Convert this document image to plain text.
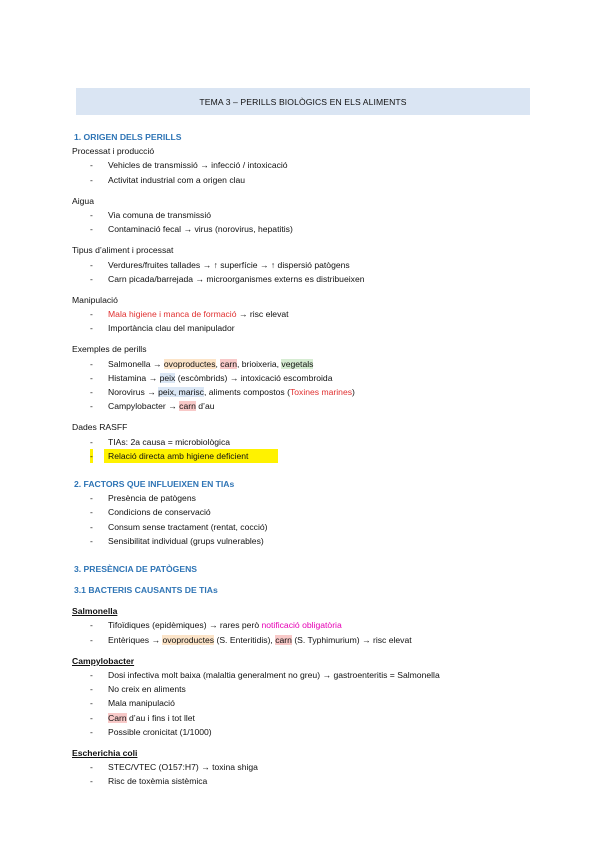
TEMA 3 – PERILLS BIOLÒGICS EN ELS ALIMENTS
1. ORIGEN DELS PERILLS
Processat i producció
- Vehicles de transmissió → infecció / intoxicació
- Activitat industrial com a origen clau
Aigua
- Via comuna de transmissió
- Contaminació fecal → virus (norovirus, hepatitis)
Tipus d’aliment i processat
- Verdures/fruites tallades → ↑ superfície → ↑ dispersió patògens
- Carn picada/barrejada → microorganismes externs es distribueixen
Manipulació
- Mala higiene i manca de formació → risc elevat
- Importància clau del manipulador
Exemples de perills
- Salmonella → ovoproductes, carn, brioixeria, vegetals
- Histamina → peix (escòmbrids) → intoxicació escombroida
- Norovirus → peix, marisc, aliments compostos (Toxines marines)
- Campylobacter → carn d’au
Dades RASFF
- TIAs: 2a causa = microbiològica
- Relació directa amb higiene deficient
2. FACTORS QUE INFLUEIXEN EN TIAs
- Presència de patògens
- Condicions de conservació
- Consum sense tractament (rentat, cocció)
- Sensibilitat individual (grups vulnerables)
3. PRESÈNCIA DE PATÒGENS
3.1 BACTERIS CAUSANTS DE TIAs
Salmonella
- Tifoïdiques (epidèmiques) → rares però notificació obligatòria
- Entèriques → ovoproductes (S. Enteritidis), carn (S. Typhimurium) → risc elevat
Campylobacter
- Dosi infectiva molt baixa (malaltia generalment no greu) → gastroenteritis = Salmonella
- No creix en aliments
- Mala manipulació
- Carn d’au i fins i tot llet
- Possible cronicitat (1/1000)
Escherichia coli
- STEC/VTEC (O157:H7) → toxina shiga
- Risc de toxèmia sistèmica
